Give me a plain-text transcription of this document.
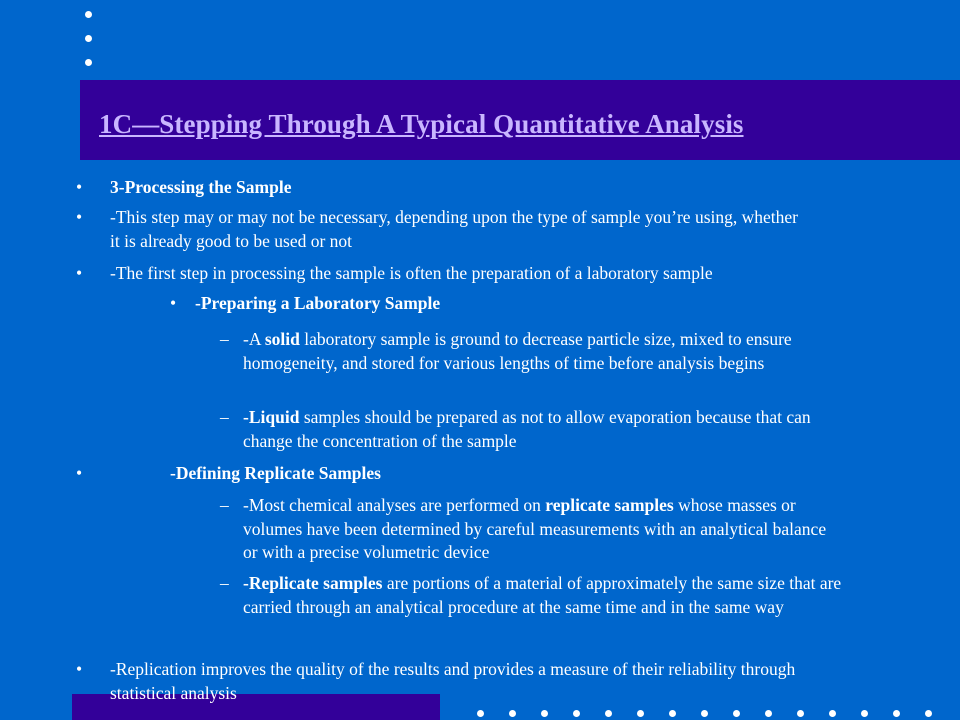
1C—Stepping Through A Typical Quantitative Analysis
• 3-Processing the Sample
• -This step may or may not be necessary, depending upon the type of sample you’re using, whether it is already good to be used or not
• -The first step in processing the sample is often the preparation of a laboratory sample
• -Preparing a Laboratory Sample
– -A solid laboratory sample is ground to decrease particle size, mixed to ensure homogeneity, and stored for various lengths of time before analysis begins
– -Liquid samples should be prepared as not to allow evaporation because that can change the concentration of the sample
•	-Defining Replicate Samples
– -Most chemical analyses are performed on replicate samples whose masses or volumes have been determined by careful measurements with an analytical balance or with a precise volumetric device
– -Replicate samples are portions of a material of approximately the same size that are carried through an analytical procedure at the same time and in the same way
• -Replication improves the quality of the results and provides a measure of their reliability through statistical analysis
